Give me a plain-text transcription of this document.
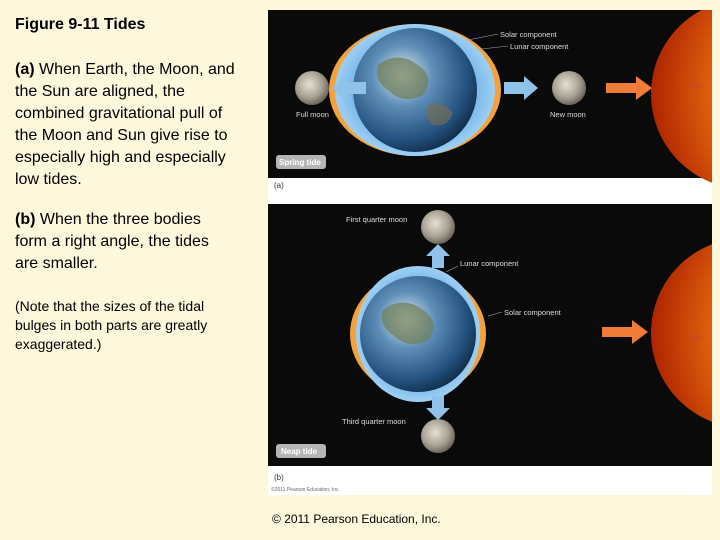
Figure 9-11 Tides
(a) When Earth, the Moon, and
the Sun are aligned, the
combined gravitational pull of
the Moon and Sun give rise to
especially high and especially
low tides.
(b) When the three bodies
form a right angle, the tides
are smaller.
(Note that the sizes of the tidal
bulges in both parts are greatly
exaggerated.)
Full moon	New moon
Solar component
Lunar component
Sun
Spring tide
(a)
First quarter moon
Third quarter moon
Lunar component
Solar component
Sun
Neap tide
(b)
©2011 Pearson Education, Inc.
© 2011 Pearson Education, Inc.
